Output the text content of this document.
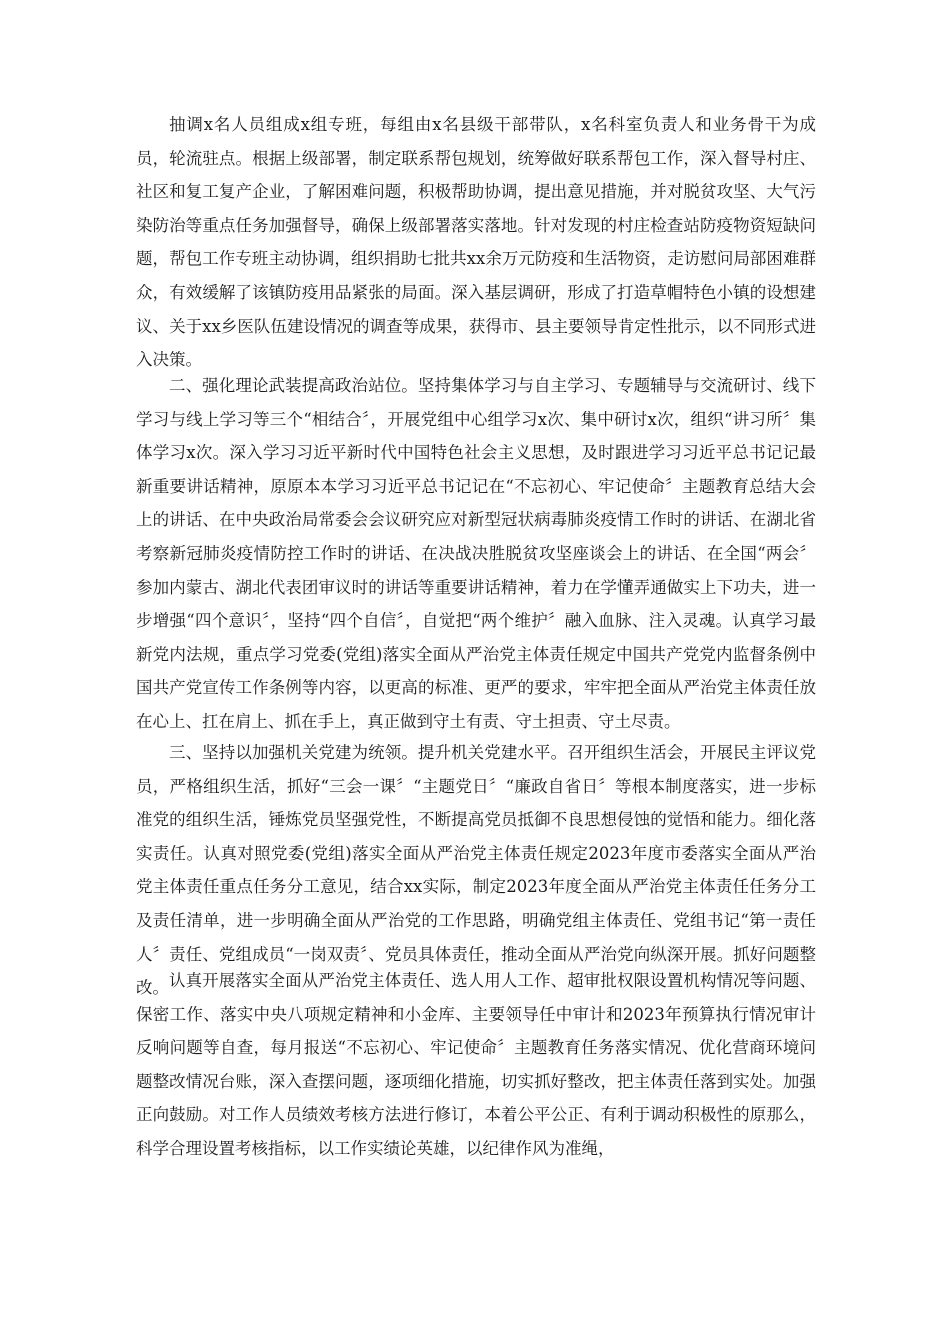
抽调x名人员组成x组专班，每组由x名县级干部带队，x名科室负责人和业务骨干为成员，轮流驻点。根据上级部署，制定联系帮包规划，统筹做好联系帮包工作，深入督导村庄、社区和复工复产企业，了解困难问题，积极帮助协调，提出意见措施，并对脱贫攻坚、大气污染防治等重点任务加强督导，确保上级部署落实落地。针对发现的村庄检查站防疫物资短缺问题，帮包工作专班主动协调，组织捐助七批共xx余万元防疫和生活物资，走访慰问局部困难群众，有效缓解了该镇防疫用品紧张的局面。深入基层调研，形成了打造草帽特色小镇的设想建议、关于xx乡医队伍建设情况的调查等成果，获得市、县主要领导肯定性批示，以不同形式进入决策。

二、强化理论武装提高政治站位。坚持集体学习与自主学习、专题辅导与交流研讨、线下学习与线上学习等三个“相结合〞，开展党组中心组学习x次、集中研讨x次，组织“讲习所〞集体学习x次。深入学习习近平新时代中国特色社会主义思想，及时跟进学习习近平总书记记最新重要讲话精神，原原本本学习习近平总书记记在“不忘初心、牢记使命〞主题教育总结大会上的讲话、在中央政治局常委会会议研究应对新型冠状病毒肺炎疫情工作时的讲话、在湖北省考察新冠肺炎疫情防控工作时的讲话、在决战决胜脱贫攻坚座谈会上的讲话、在全国“两会〞参加内蒙古、湖北代表团审议时的讲话等重要讲话精神，着力在学懂弄通做实上下功夫，进一步增强“四个意识〞，坚持“四个自信〞，自觉把“两个维护〞融入血脉、注入灵魂。认真学习最新党内法规，重点学习党委(党组)落实全面从严治党主体责任规定中国共产党党内监督条例中国共产党宣传工作条例等内容，以更高的标准、更严的要求，牢牢把全面从严治党主体责任放在心上、扛在肩上、抓在手上，真正做到守土有责、守土担责、守土尽责。

三、坚持以加强机关党建为统领。提升机关党建水平。召开组织生活会，开展民主评议党员，严格组织生活，抓好“三会一课〞“主题党日〞“廉政自省日〞等根本制度落实，进一步标准党的组织生活，锤炼党员坚强党性，不断提高党员抵御不良思想侵蚀的觉悟和能力。细化落实责任。认真对照党委(党组)落实全面从严治党主体责任规定2023年度市委落实全面从严治党主体责任重点任务分工意见，结合xx实际，制定2023年度全面从严治党主体责任任务分工及责任清单，进一步明确全面从严治党的工作思路，明确党组主体责任、党组书记“第一责任人〞责任、党组成员“一岗双责〞、党员具体责任，推动全面从严治党向纵深开展。抓好问题整改。 认真开展落实全面从严治党主体责任、选人用人工作、超审批权限设置机构情况等问题、保密工作、落实中央八项规定精神和小金库、主要领导任中审计和2023年预算执行情况审计反响问题等自查，每月报送“不忘初心、牢记使命〞主题教育任务落实情况、优化营商环境问题整改情况台账，深入查摆问题，逐项细化措施，切实抓好整改，把主体责任落到实处。加强正向鼓励。对工作人员绩效考核方法进行修订，本着公平公正、有利于调动积极性的原那么，科学合理设置考核指标，以工作实绩论英雄，以纪律作风为准绳，
